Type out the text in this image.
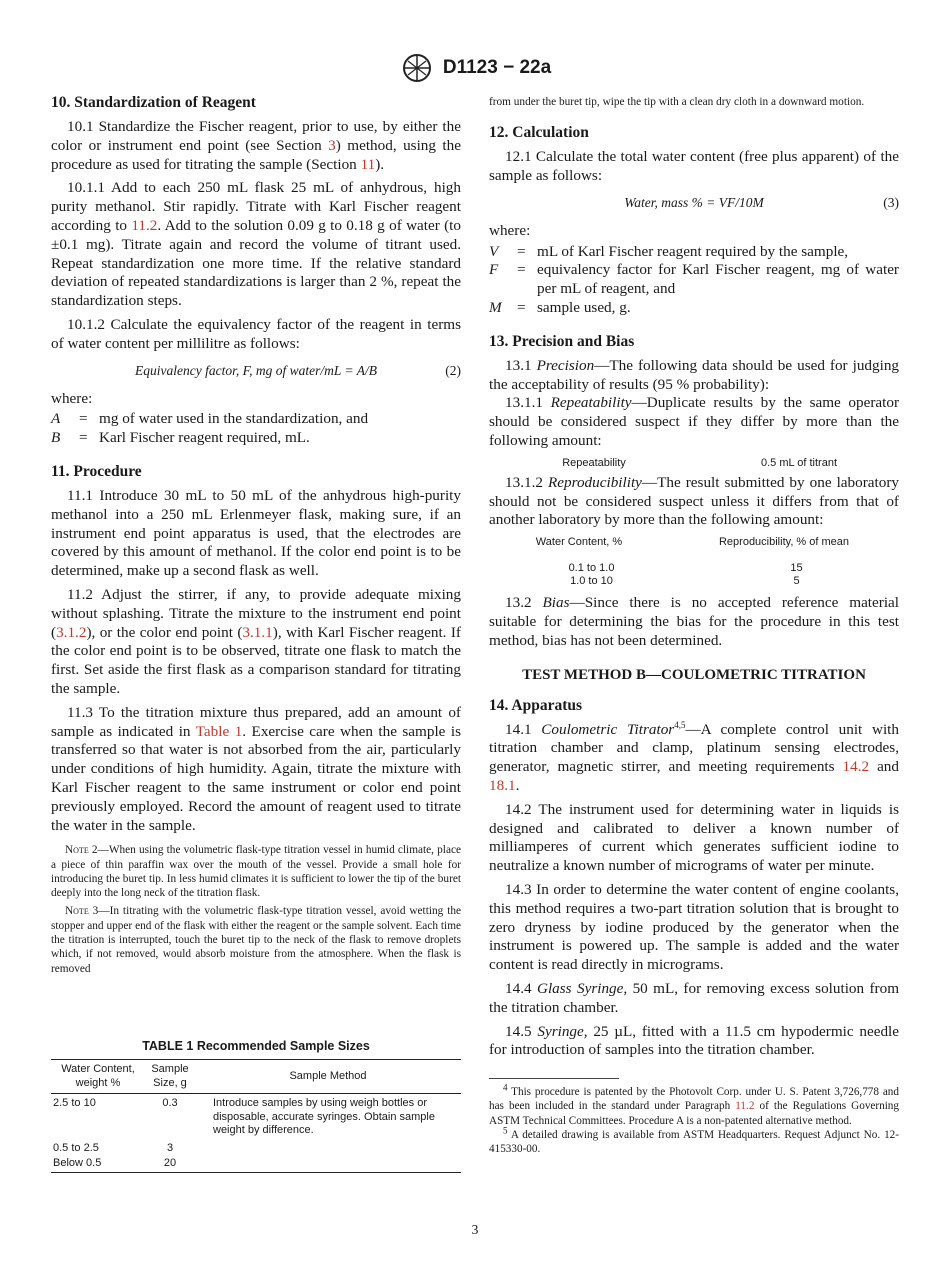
D1123 − 22a
10. Standardization of Reagent

10.1 Standardize the Fischer reagent, prior to use, by either the color or instrument end point (see Section 3) method, using the procedure as used for titrating the sample (Section 11).

10.1.1 Add to each 250 mL flask 25 mL of anhydrous, high purity methanol. Stir rapidly. Titrate with Karl Fischer reagent according to 11.2. Add to the solution 0.09 g to 0.18 g of water (to ±0.1 mg). Titrate again and record the volume of titrant used. Repeat standardization one more time. If the relative standard deviation of repeated standardizations is larger than 2 %, repeat the standardization steps.

10.1.2 Calculate the equivalency factor of the reagent in terms of water content per millilitre as follows:

Equivalency factor, F, mg of water/mL = A/B	(2)

where:

A	= mg of water used in the standardization, and
B	= Karl Fischer reagent required, mL.
11. Procedure

11.1 Introduce 30 mL to 50 mL of the anhydrous high-purity methanol into a 250 mL Erlenmeyer flask, making sure, if an instrument end point apparatus is used, that the electrodes are covered by this amount of methanol. If the color end point is to be determined, make up a second flask as well.

11.2 Adjust the stirrer, if any, to provide adequate mixing without splashing. Titrate the mixture to the instrument end point (3.1.2), or the color end point (3.1.1), with Karl Fischer reagent. If the color end point is to be observed, titrate one flask to match the first. Set aside the first flask as a comparison standard for titrating the sample.

11.3 To the titration mixture thus prepared, add an amount of sample as indicated in Table 1. Exercise care when the sample is transferred so that water is not absorbed from the air, particularly under conditions of high humidity. Again, titrate the mixture with Karl Fischer reagent to the same instrument or color end point previously employed. Record the amount of reagent used to titrate the water in the sample.

Note 2—When using the volumetric flask-type titration vessel in humid climate, place a piece of thin paraffin wax over the mouth of the vessel. Provide a small hole for introducing the buret tip. In less humid climates it is sufficient to lower the tip of the buret deeply into the long neck of the titration flask.

Note 3—In titrating with the volumetric flask-type titration vessel, avoid wetting the stopper and upper end of the flask with either the reagent or the sample solvent. Each time the titration is interrupted, touch the buret tip to the neck of the flask to remove droplets which, if not removed, would absorb moisture from the atmosphere. When the flask is removed

TABLE 1 Recommended Sample Sizes
Water Content, weight %	Sample Size, g	Sample Method
2.5 to 10	0.3	Introduce samples by using weigh bottles or disposable, accurate syringes. Obtain sample weight by difference.
0.5 to 2.5	3	
Below 0.5	20	

from under the buret tip, wipe the tip with a clean dry cloth in a downward motion.

12. Calculation

12.1 Calculate the total water content (free plus apparent) of the sample as follows:

Water, mass % = VF/10M	(3)

where:

V	= mL of Karl Fischer reagent required by the sample,
F	= equivalency factor for Karl Fischer reagent, mg of water per mL of reagent, and
M	= sample used, g.
13. Precision and Bias

13.1 Precision—The following data should be used for judging the acceptability of results (95 % probability):

13.1.1 Repeatability—Duplicate results by the same operator should be considered suspect if they differ by more than the following amount:

Repeatability	0.5 mL of titrant

13.1.2 Reproducibility—The result submitted by one laboratory should not be considered suspect unless it differs from that of another laboratory by more than the following amount:

Water Content, %	Reproducibility, % of mean
0.1 to 1.0	15
1.0 to 10	5

13.2 Bias—Since there is no accepted reference material suitable for determining the bias for the procedure in this test method, bias has not been determined.

TEST METHOD B—COULOMETRIC TITRATION
14. Apparatus

14.1 Coulometric Titrator$^{4,5}$—A complete control unit with titration chamber and clamp, platinum sensing electrodes, generator, magnetic stirrer, and meeting requirements 14.2 and 18.1.

14.2 The instrument used for determining water in liquids is designed and calibrated to deliver a known number of milliamperes of current which generates sufficient iodine to neutralize a known number of micrograms of water per minute.

14.3 In order to determine the water content of engine coolants, this method requires a two-part titration solution that is brought to zero dryness by iodine produced by the generator when the instrument is powered up. The sample is added and the water content is read directly in micrograms.

14.4 Glass Syringe, 50 mL, for removing excess solution from the titration chamber.

14.5 Syringe, 25 µL, fitted with a 11.5 cm hypodermic needle for introduction of samples into the titration chamber.

$^4$ This procedure is patented by the Photovolt Corp. under U. S. Patent 3,726,778 and has been included in the standard under Paragraph 11.2 of the Regulations Governing ASTM Technical Committees. Procedure A is a non-patented alternative method.

$^5$ A detailed drawing is available from ASTM Headquarters. Request Adjunct No. 12-415330-00.

3
